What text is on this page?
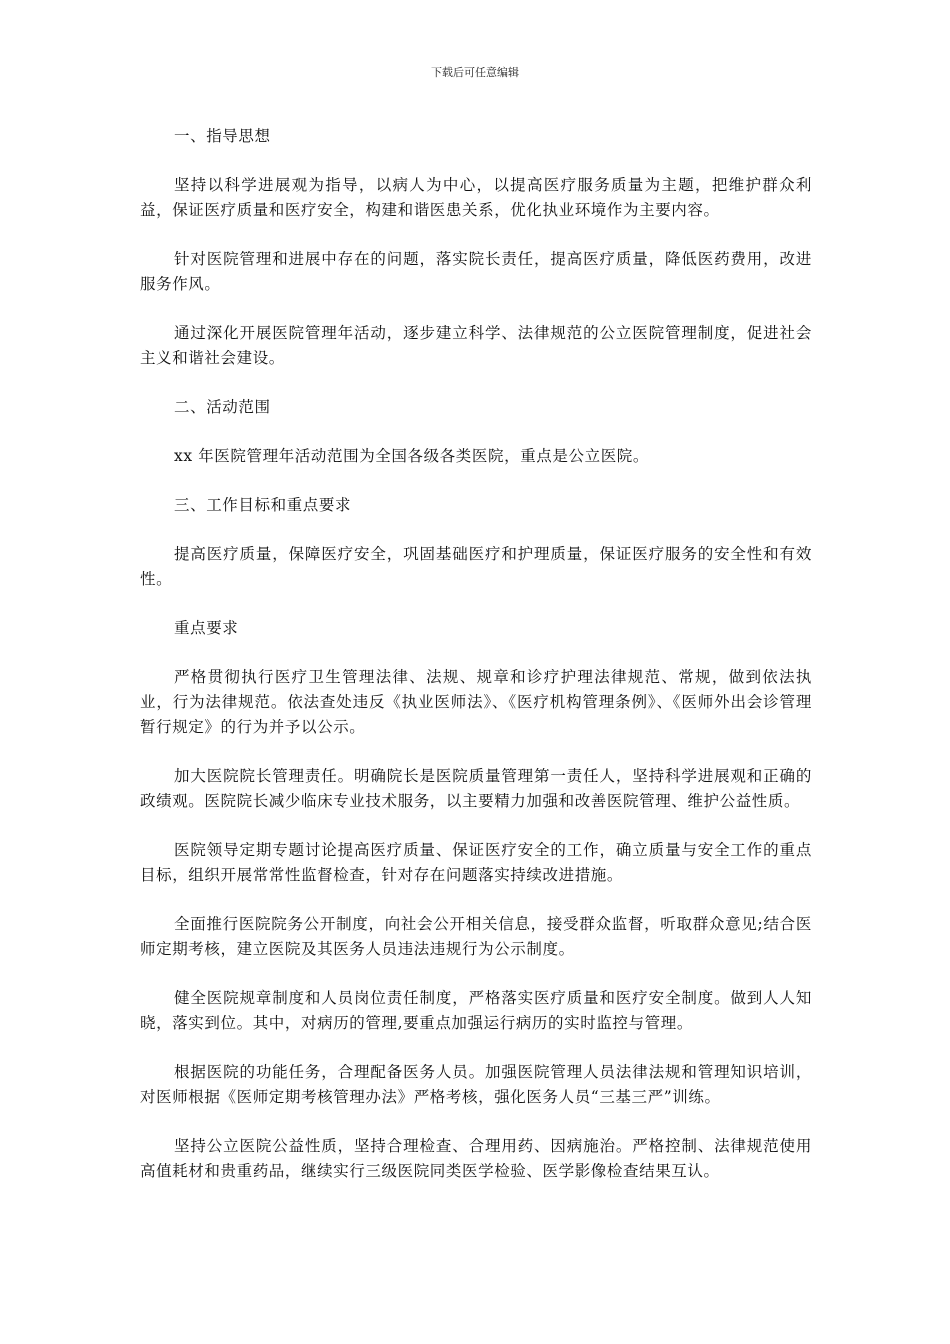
下载后可任意编辑

一、指导思想

坚持以科学进展观为指导，以病人为中心，以提高医疗服务质量为主题，把维护群众利益，保证医疗质量和医疗安全，构建和谐医患关系，优化执业环境作为主要内容。

针对医院管理和进展中存在的问题，落实院长责任，提高医疗质量，降低医药费用，改进服务作风。

通过深化开展医院管理年活动，逐步建立科学、法律规范的公立医院管理制度，促进社会主义和谐社会建设。

二、活动范围

xx 年医院管理年活动范围为全国各级各类医院，重点是公立医院。

三、工作目标和重点要求

提高医疗质量，保障医疗安全，巩固基础医疗和护理质量，保证医疗服务的安全性和有效性。

重点要求

严格贯彻执行医疗卫生管理法律、法规、规章和诊疗护理法律规范、常规，做到依法执业，行为法律规范。依法查处违反《执业医师法》、《医疗机构管理条例》、《医师外出会诊管理暂行规定》的行为并予以公示。

加大医院院长管理责任。明确院长是医院质量管理第一责任人，坚持科学进展观和正确的政绩观。医院院长减少临床专业技术服务，以主要精力加强和改善医院管理、维护公益性质。

医院领导定期专题讨论提高医疗质量、保证医疗安全的工作，确立质量与安全工作的重点目标，组织开展常常性监督检查，针对存在问题落实持续改进措施。

全面推行医院院务公开制度，向社会公开相关信息，接受群众监督，听取群众意见;结合医师定期考核，建立医院及其医务人员违法违规行为公示制度。

健全医院规章制度和人员岗位责任制度，严格落实医疗质量和医疗安全制度。做到人人知晓，落实到位。其中，对病历的管理,要重点加强运行病历的实时监控与管理。

根据医院的功能任务，合理配备医务人员。加强医院管理人员法律法规和管理知识培训，对医师根据《医师定期考核管理办法》严格考核，强化医务人员“三基三严”训练。

坚持公立医院公益性质，坚持合理检查、合理用药、因病施治。严格控制、法律规范使用高值耗材和贵重药品，继续实行三级医院同类医学检验、医学影像检查结果互认。
